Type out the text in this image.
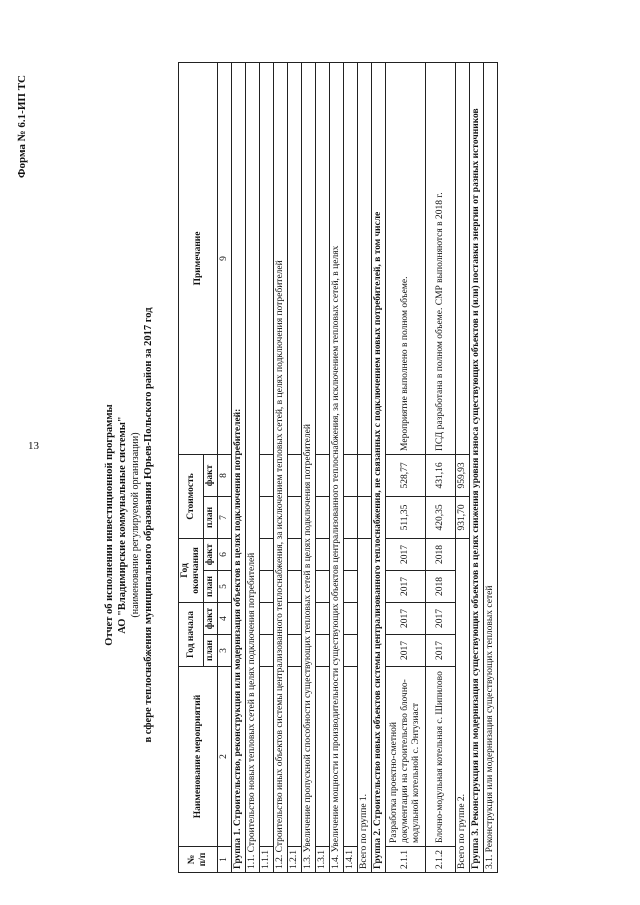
13
Форма № 6.1-ИП ТС
Отчет об исполнении инвестиционной программы АО "Владимирские коммунальные системы" (наименование регулируемой организации) в сфере теплоснабжения муниципального образования Юрьев-Польского район за 2017 год
№ п/п	Наименование мероприятий	Год начала		Год окончания		Стоимость		Примечание
		план	факт	план	факт	план	факт	
1	2	3	4	5	6	7	8	9
Группа 1. Строительство, реконструкция или модернизация объектов в целях подключения потребителей:								
1.1. Строительство новых тепловых сетей в целях подключения потребителей								
1.1.1								
1.2. Строительство иных объектов системы централизованного теплоснабжения, за исключением тепловых сетей, в целях подключения потребителей								
1.2.1								
1.3. Увеличение пропускной способности существующих тепловых сетей в целях подключения потребителей								
1.3.1								
1.4. Увеличение мощности и производительности существующих объектов централизованного теплоснабжения, за исключением тепловых сетей, в целях								
1.4.1								
Всего по группе 1.								
Группа 2. Строительство новых объектов системы централизованного теплоснабжения, не связанных с подключением новых потребителей, в том числе								
2.1.1	Разработка проектно-сметной документации на строительство блочно-модульной котельной с. Энтузиаст	2017	2017	2017	2017	511,35	528,77	Мероприятие выполнено в полном объеме.
2.1.2	Блочно-модульная котельная с. Шипилово	2017	2017	2018	2018	420,35	431,16	ПСД разработана в полном объеме. СМР выполняются в 2018 г.
Всего по группе 2.						931,70	959,93	
Группа 3. Реконструкция или модернизация существующих объектов в целях снижения уровня износа существующих объектов и (или) поставки энергии от разных источников								
3.1. Реконструкция или модернизация существующих тепловых сетей								
